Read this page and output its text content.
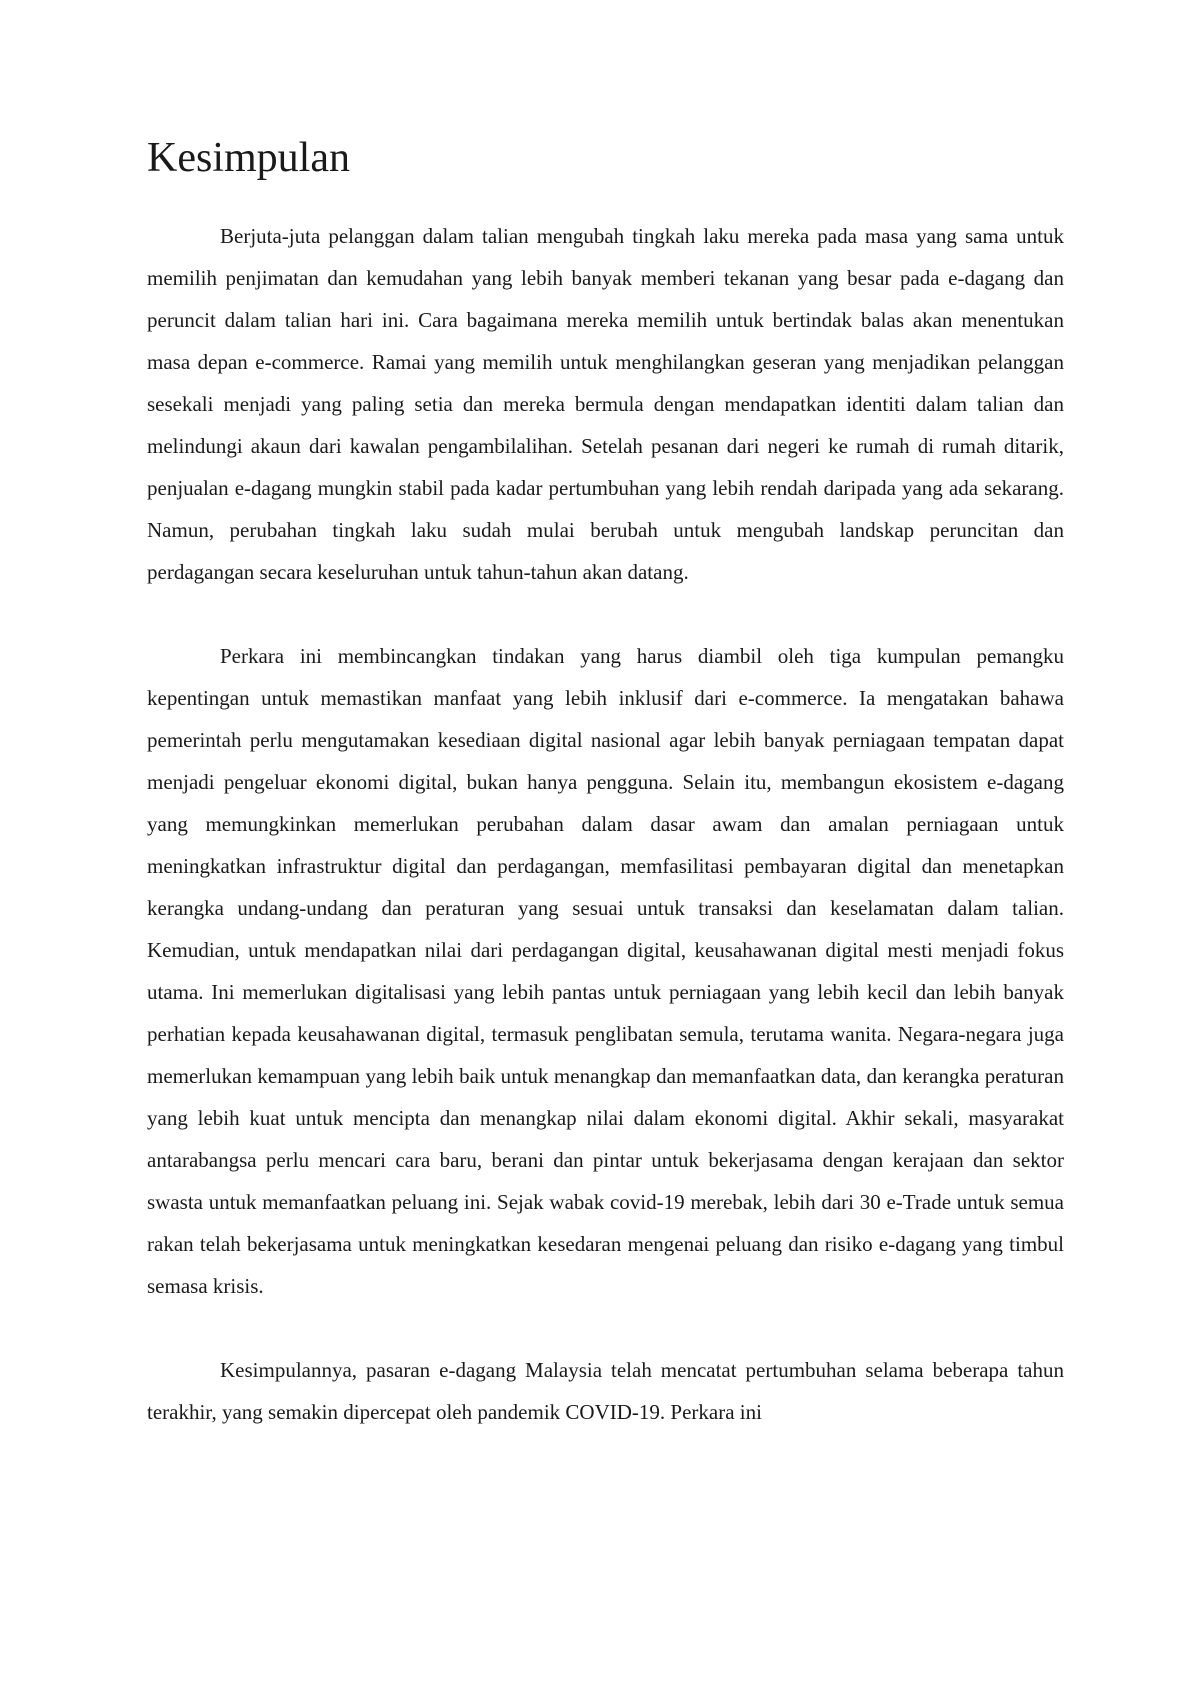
Kesimpulan

Berjuta-juta pelanggan dalam talian mengubah tingkah laku mereka pada masa yang sama untuk memilih penjimatan dan kemudahan yang lebih banyak memberi tekanan yang besar pada e-dagang dan peruncit dalam talian hari ini. Cara bagaimana mereka memilih untuk bertindak balas akan menentukan masa depan e-commerce. Ramai yang memilih untuk menghilangkan geseran yang menjadikan pelanggan sesekali menjadi yang paling setia dan mereka bermula dengan mendapatkan identiti dalam talian dan melindungi akaun dari kawalan pengambilalihan. Setelah pesanan dari negeri ke rumah di rumah ditarik, penjualan e-dagang mungkin stabil pada kadar pertumbuhan yang lebih rendah daripada yang ada sekarang. Namun, perubahan tingkah laku sudah mulai berubah untuk mengubah landskap peruncitan dan perdagangan secara keseluruhan untuk tahun-tahun akan datang.

Perkara ini membincangkan tindakan yang harus diambil oleh tiga kumpulan pemangku kepentingan untuk memastikan manfaat yang lebih inklusif dari e-commerce. Ia mengatakan bahawa pemerintah perlu mengutamakan kesediaan digital nasional agar lebih banyak perniagaan tempatan dapat menjadi pengeluar ekonomi digital, bukan hanya pengguna. Selain itu, membangun ekosistem e-dagang yang memungkinkan memerlukan perubahan dalam dasar awam dan amalan perniagaan untuk meningkatkan infrastruktur digital dan perdagangan, memfasilitasi pembayaran digital dan menetapkan kerangka undang-undang dan peraturan yang sesuai untuk transaksi dan keselamatan dalam talian. Kemudian, untuk mendapatkan nilai dari perdagangan digital, keusahawanan digital mesti menjadi fokus utama. Ini memerlukan digitalisasi yang lebih pantas untuk perniagaan yang lebih kecil dan lebih banyak perhatian kepada keusahawanan digital, termasuk penglibatan semula, terutama wanita. Negara-negara juga memerlukan kemampuan yang lebih baik untuk menangkap dan memanfaatkan data, dan kerangka peraturan yang lebih kuat untuk mencipta dan menangkap nilai dalam ekonomi digital. Akhir sekali, masyarakat antarabangsa perlu mencari cara baru, berani dan pintar untuk bekerjasama dengan kerajaan dan sektor swasta untuk memanfaatkan peluang ini. Sejak wabak covid-19 merebak, lebih dari 30 e-Trade untuk semua rakan telah bekerjasama untuk meningkatkan kesedaran mengenai peluang dan risiko e-dagang yang timbul semasa krisis.

Kesimpulannya, pasaran e-dagang Malaysia telah mencatat pertumbuhan selama beberapa tahun terakhir, yang semakin dipercepat oleh pandemik COVID-19. Perkara ini
